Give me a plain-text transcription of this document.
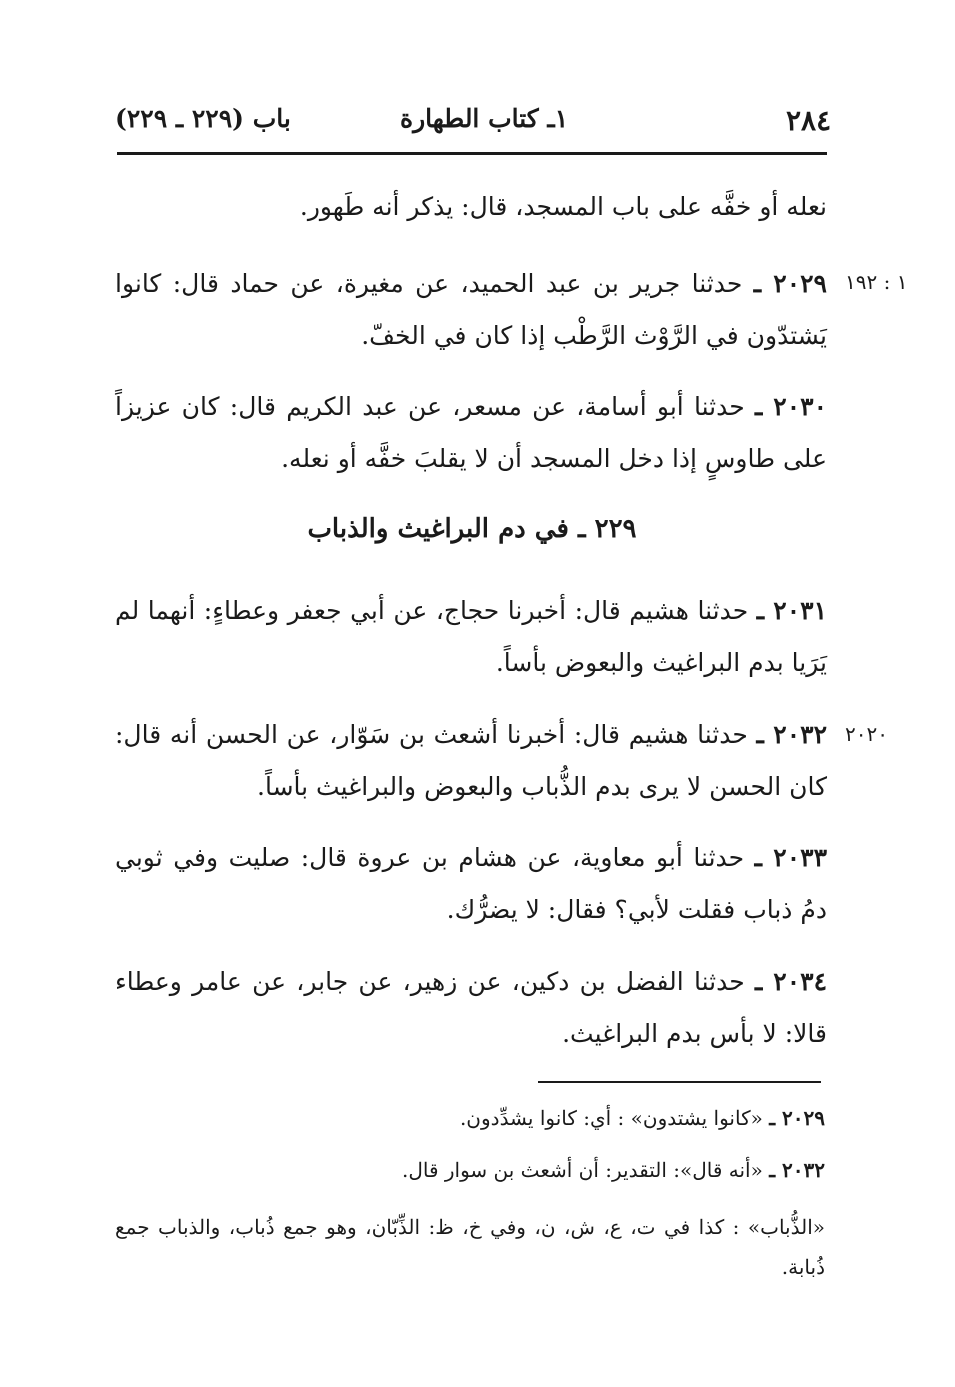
٢٨٤
١ـ كتاب الطهارة
باب (٢٢٩ ـ ٢٢٩)
نعله أو خفَّه على باب المسجد، قال: يذكر أنه طَهور.
٢٠٢٩ ـ حدثنا جرير بن عبد الحميد، عن مغيرة، عن حماد قال: كانوا يَشتدّون في الرَّوْث الرَّطْب إذا كان في الخفّ.
١ : ١٩٢
٢٠٣٠ ـ حدثنا أبو أسامة، عن مسعر، عن عبد الكريم قال: كان عزيزاً على طاوسٍ إذا دخل المسجد أن لا يقلبَ خفَّه أو نعله.
٢٢٩ ـ في دم البراغيث والذباب
٢٠٣١ ـ حدثنا هشيم قال: أخبرنا حجاج، عن أبي جعفر وعطاءٍ: أنهما لم يَرَيا بدم البراغيث والبعوض بأساً.
٢٠٣٢ ـ حدثنا هشيم قال: أخبرنا أشعث بن سَوّار، عن الحسن أنه قال: كان الحسن لا يرى بدم الذُّباب والبعوض والبراغيث بأساً.
٢٠٢٠
٢٠٣٣ ـ حدثنا أبو معاوية، عن هشام بن عروة قال: صليت وفي ثوبي دمُ ذباب فقلت لأبي؟ فقال: لا يضرُّك.
٢٠٣٤ ـ حدثنا الفضل بن دكين، عن زهير، عن جابر، عن عامر وعطاء قالا: لا بأس بدم البراغيث.
٢٠٢٩ ـ «كانوا يشتدون» : أي: كانوا يشدِّدون.
٢٠٣٢ ـ «أنه قال»: التقدير: أن أشعث بن سوار قال.
«الذُّباب» : كذا في ت، ع، ش، ن، وفي خ، ظ: الذِّبّان، وهو جمع ذُباب، والذباب جمع ذُبابة.
